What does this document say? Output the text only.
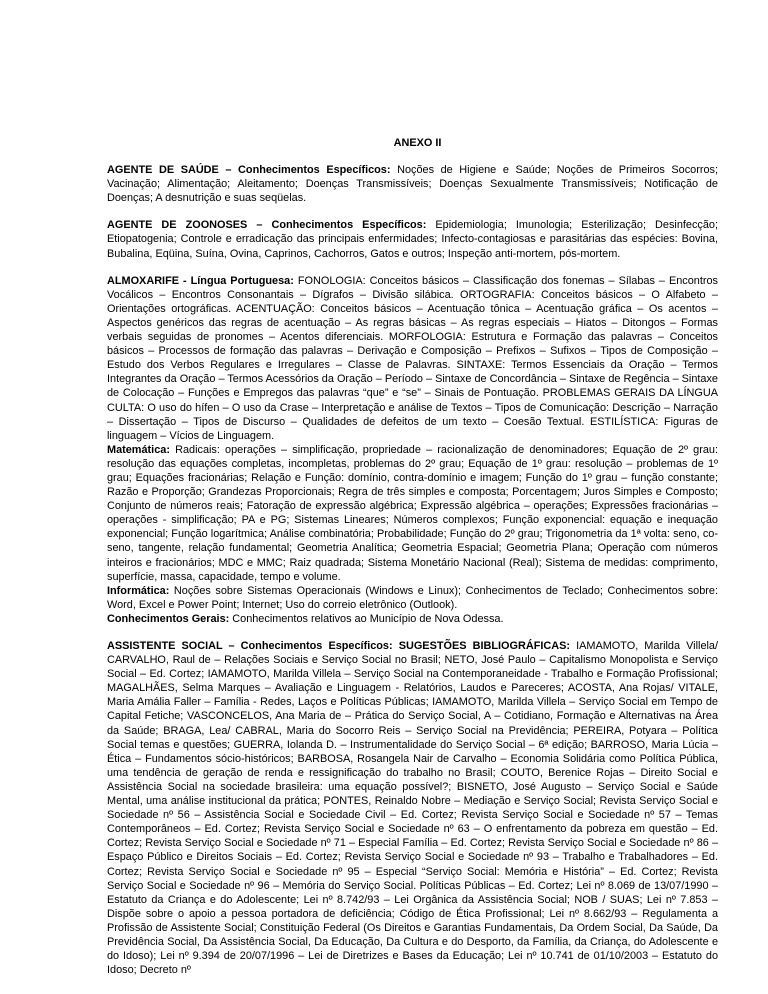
ANEXO II

AGENTE DE SAÚDE – Conhecimentos Específicos: Noções de Higiene e Saúde; Noções de Primeiros Socorros; Vacinação; Alimentação; Aleitamento; Doenças Transmissíveis; Doenças Sexualmente Transmissíveis; Notificação de Doenças; A desnutrição e suas seqüelas.

AGENTE DE ZOONOSES – Conhecimentos Específicos: Epidemiologia; Imunologia; Esterilização; Desinfecção; Etiopatogenia; Controle e erradicação das principais enfermidades; Infecto-contagiosas e parasitárias das espécies: Bovina, Bubalina, Eqüina, Suína, Ovina, Caprinos, Cachorros, Gatos e outros; Inspeção anti-mortem, pós-mortem.

ALMOXARIFE - Língua Portuguesa: FONOLOGIA: Conceitos básicos – Classificação dos fonemas – Sílabas – Encontros Vocálicos – Encontros Consonantais – Dígrafos – Divisão silábica. ORTOGRAFIA: Conceitos básicos – O Alfabeto – Orientações ortográficas. ACENTUAÇÃO: Conceitos básicos – Acentuação tônica – Acentuação gráfica – Os acentos – Aspectos genéricos das regras de acentuação – As regras básicas – As regras especiais – Hiatos – Ditongos – Formas verbais seguidas de pronomes – Acentos diferenciais. MORFOLOGIA: Estrutura e Formação das palavras – Conceitos básicos – Processos de formação das palavras – Derivação e Composição – Prefixos – Sufixos – Tipos de Composição – Estudo dos Verbos Regulares e Irregulares – Classe de Palavras. SINTAXE: Termos Essenciais da Oração – Termos Integrantes da Oração – Termos Acessórios da Oração – Período – Sintaxe de Concordância – Sintaxe de Regência – Sintaxe de Colocação – Funções e Empregos das palavras “que” e “se” – Sinais de Pontuação. PROBLEMAS GERAIS DA LÍNGUA CULTA: O uso do hífen – O uso da Crase – Interpretação e análise de Textos – Tipos de Comunicação: Descrição – Narração – Dissertação – Tipos de Discurso – Qualidades de defeitos de um texto – Coesão Textual. ESTILÍSTICA: Figuras de linguagem – Vícios de Linguagem.

Matemática: Radicais: operações – simplificação, propriedade – racionalização de denominadores; Equação de 2º grau: resolução das equações completas, incompletas, problemas do 2º grau; Equação de 1º grau: resolução – problemas de 1º grau; Equações fracionárias; Relação e Função: domínio, contra-domínio e imagem; Função do 1º grau – função constante; Razão e Proporção; Grandezas Proporcionais; Regra de três simples e composta; Porcentagem; Juros Simples e Composto; Conjunto de números reais; Fatoração de expressão algébrica; Expressão algébrica – operações; Expressões fracionárias – operações - simplificação; PA e PG; Sistemas Lineares; Números complexos; Função exponencial: equação e inequação exponencial; Função logarítmica; Análise combinatória; Probabilidade; Função do 2º grau; Trigonometria da 1ª volta: seno, co-seno, tangente, relação fundamental; Geometria Analítica; Geometria Espacial; Geometria Plana; Operação com números inteiros e fracionários; MDC e MMC; Raiz quadrada; Sistema Monetário Nacional (Real); Sistema de medidas: comprimento, superfície, massa, capacidade, tempo e volume.

Informática: Noções sobre Sistemas Operacionais (Windows e Linux); Conhecimentos de Teclado; Conhecimentos sobre: Word, Excel e Power Point; Internet; Uso do correio eletrônico (Outlook).

Conhecimentos Gerais: Conhecimentos relativos ao Município de Nova Odessa.

ASSISTENTE SOCIAL – Conhecimentos Específicos: SUGESTÕES BIBLIOGRÁFICAS: IAMAMOTO, Marilda Villela/ CARVALHO, Raul de – Relações Sociais e Serviço Social no Brasil; NETO, José Paulo – Capitalismo Monopolista e Serviço Social – Ed. Cortez; IAMAMOTO, Marilda Villela – Serviço Social na Contemporaneidade - Trabalho e Formação Profissional; MAGALHÃES, Selma Marques – Avaliação e Linguagem - Relatórios, Laudos e Pareceres; ACOSTA, Ana Rojas/ VITALE, Maria Amália Faller – Família - Redes, Laços e Políticas Públicas; IAMAMOTO, Marilda Villela – Serviço Social em Tempo de Capital Fetiche; VASCONCELOS, Ana Maria de – Prática do Serviço Social, A – Cotidiano, Formação e Alternativas na Área da Saúde; BRAGA, Lea/ CABRAL, Maria do Socorro Reis – Serviço Social na Previdência; PEREIRA, Potyara – Política Social temas e questões; GUERRA, Iolanda D. – Instrumentalidade do Serviço Social – 6ª edição; BARROSO, Maria Lúcia – Ética – Fundamentos sócio-históricos; BARBOSA, Rosangela Nair de Carvalho – Economia Solidária como Política Pública, uma tendência de geração de renda e ressignificação do trabalho no Brasil; COUTO, Berenice Rojas – Direito Social e Assistência Social na sociedade brasileira: uma equação possível?; BISNETO, José Augusto – Serviço Social e Saúde Mental, uma análise institucional da prática; PONTES, Reinaldo Nobre – Mediação e Serviço Social; Revista Serviço Social e Sociedade nº 56 – Assistência Social e Sociedade Civil – Ed. Cortez; Revista Serviço Social e Sociedade nº 57 – Temas Contemporâneos – Ed. Cortez; Revista Serviço Social e Sociedade nº 63 – O enfrentamento da pobreza em questão – Ed. Cortez; Revista Serviço Social e Sociedade nº 71 – Especial Família – Ed. Cortez; Revista Serviço Social e Sociedade nº 86 – Espaço Público e Direitos Sociais – Ed. Cortez; Revista Serviço Social e Sociedade nº 93 – Trabalho e Trabalhadores – Ed. Cortez; Revista Serviço Social e Sociedade nº 95 – Especial “Serviço Social: Memória e História” – Ed. Cortez; Revista Serviço Social e Sociedade nº 96 – Memória do Serviço Social. Políticas Públicas – Ed. Cortez; Lei nº 8.069 de 13/07/1990 – Estatuto da Criança e do Adolescente; Lei nº 8.742/93 – Lei Orgânica da Assistência Social; NOB / SUAS; Lei nº 7.853 – Dispõe sobre o apoio a pessoa portadora de deficiência; Código de Ética Profissional; Lei nº 8.662/93 – Regulamenta a Profissão de Assistente Social; Constituição Federal (Os Direitos e Garantias Fundamentais, Da Ordem Social, Da Saúde, Da Previdência Social, Da Assistência Social, Da Educação, Da Cultura e do Desporto, da Família, da Criança, do Adolescente e do Idoso); Lei nº 9.394 de 20/07/1996 – Lei de Diretrizes e Bases da Educação; Lei nº 10.741 de 01/10/2003 – Estatuto do Idoso; Decreto nº
